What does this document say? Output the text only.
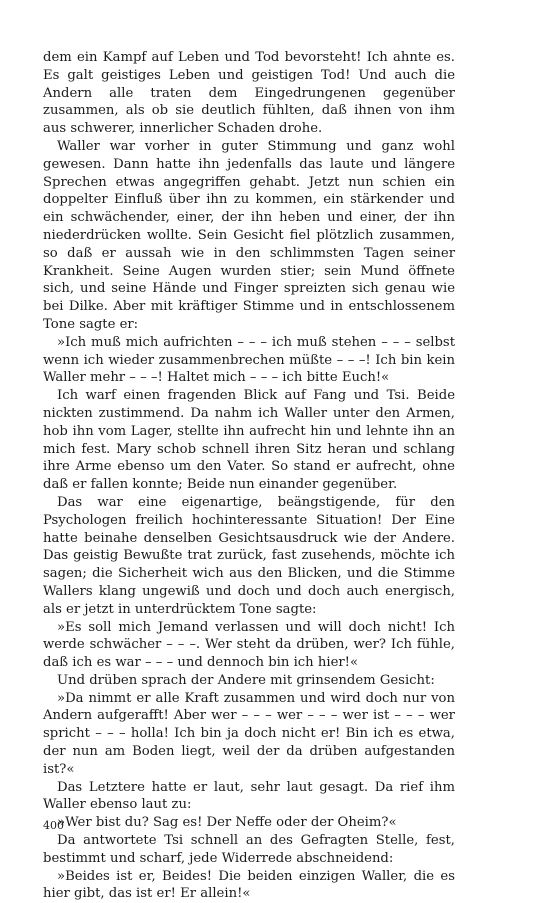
dem ein Kampf auf Leben und Tod bevorsteht! Ich ahnte es. Es galt geistiges Leben und geistigen Tod! Und auch die Andern alle traten dem Eingedrungenen gegenüber zusammen, als ob sie deutlich fühlten, daß ihnen von ihm aus schwerer, innerlicher Schaden drohe.

Waller war vorher in guter Stimmung und ganz wohl gewesen. Dann hatte ihn jedenfalls das laute und längere Sprechen etwas angegriffen gehabt. Jetzt nun schien ein doppelter Einfluß über ihn zu kommen, ein stärkender und ein schwächender, einer, der ihn heben und einer, der ihn niederdrücken wollte. Sein Gesicht fiel plötzlich zusammen, so daß er aussah wie in den schlimmsten Tagen seiner Krankheit. Seine Augen wurden stier; sein Mund öffnete sich, und seine Hände und Finger spreizten sich genau wie bei Dilke. Aber mit kräftiger Stimme und in entschlossenem Tone sagte er:

»Ich muß mich aufrichten – – – ich muß stehen – – – selbst wenn ich wieder zusammenbrechen müßte – – –! Ich bin kein Waller mehr – – –! Haltet mich – – – ich bitte Euch!«

Ich warf einen fragenden Blick auf Fang und Tsi. Beide nickten zustimmend. Da nahm ich Waller unter den Armen, hob ihn vom Lager, stellte ihn aufrecht hin und lehnte ihn an mich fest. Mary schob schnell ihren Sitz heran und schlang ihre Arme ebenso um den Vater. So stand er aufrecht, ohne daß er fallen konnte; Beide nun einander gegenüber.

Das war eine eigenartige, beängstigende, für den Psychologen freilich hochinteressante Situation! Der Eine hatte beinahe denselben Gesichtsausdruck wie der Andere. Das geistig Bewußte trat zurück, fast zusehends, möchte ich sagen; die Sicherheit wich aus den Blicken, und die Stimme Wallers klang ungewiß und doch und doch auch energisch, als er jetzt in unterdrücktem Tone sagte:

»Es soll mich Jemand verlassen und will doch nicht! Ich werde schwächer – – –. Wer steht da drüben, wer? Ich fühle, daß ich es war – – – und dennoch bin ich hier!«

Und drüben sprach der Andere mit grinsendem Gesicht:

»Da nimmt er alle Kraft zusammen und wird doch nur von Andern aufgerafft! Aber wer – – – wer – – – wer ist – – – wer spricht – – – holla! Ich bin ja doch nicht er! Bin ich es etwa, der nun am Boden liegt, weil der da drüben aufgestanden ist?«

Das Letztere hatte er laut, sehr laut gesagt. Da rief ihm Waller ebenso laut zu:

»Wer bist du? Sag es! Der Neffe oder der Oheim?«

Da antwortete Tsi schnell an des Gefragten Stelle, fest, bestimmt und scharf, jede Widerrede abschneidend:

»Beides ist er, Beides! Die beiden einzigen Waller, die es hier gibt, das ist er! Er allein!«

400
